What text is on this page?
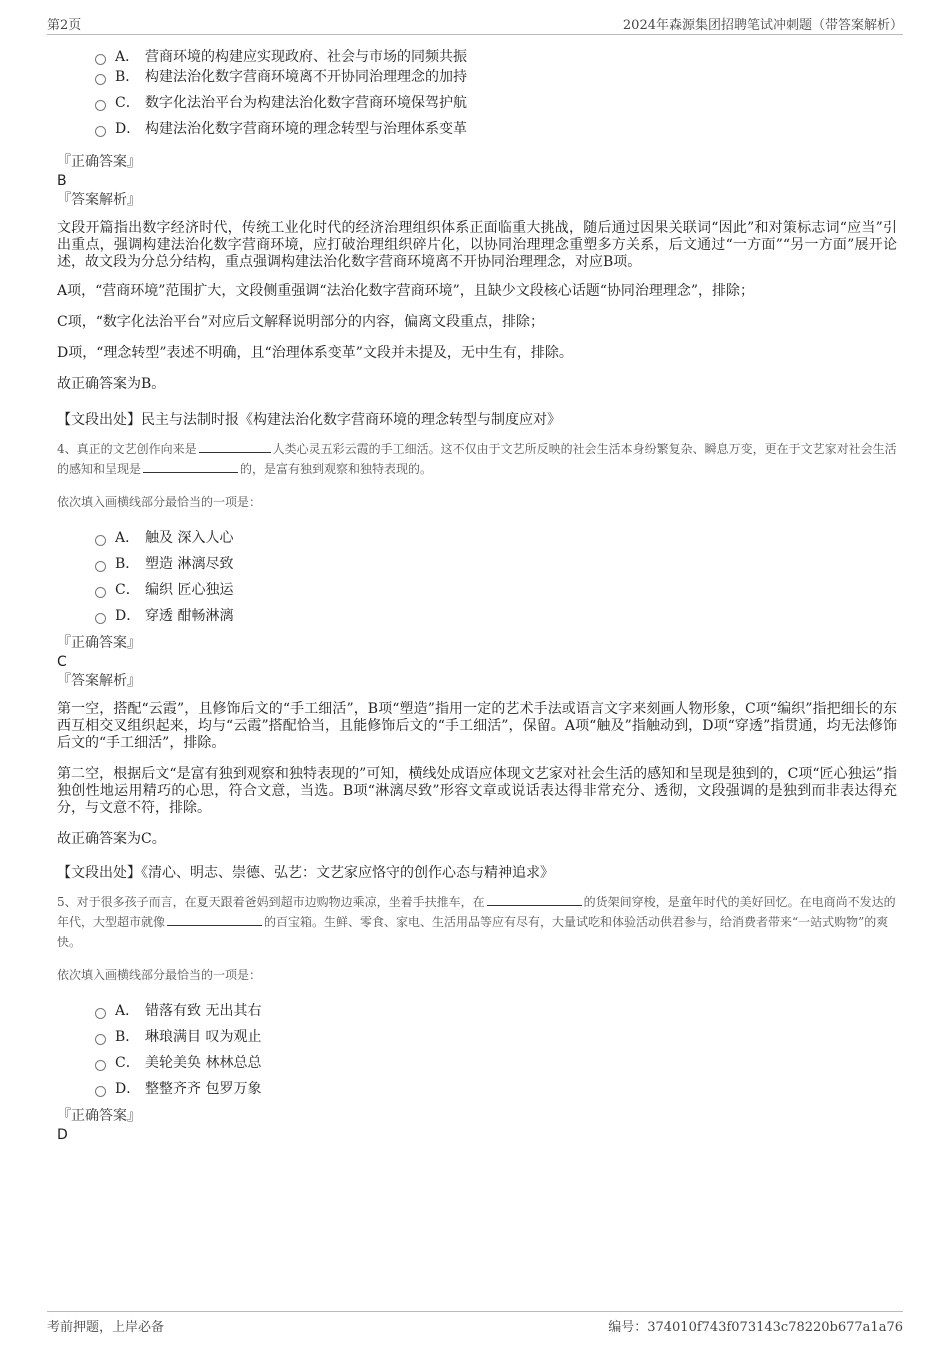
第2页	2024年森源集团招聘笔试冲刺题（带答案解析）
A． 营商环境的构建应实现政府、社会与市场的同频共振
B． 构建法治化数字营商环境离不开协同治理理念的加持
C． 数字化法治平台为构建法治化数字营商环境保驾护航
D． 构建法治化数字营商环境的理念转型与治理体系变革
『正确答案』
B
『答案解析』

文段开篇指出数字经济时代，传统工业化时代的经济治理组织体系正面临重大挑战，随后通过因果关联词“因此”和对策标志词“应当”引出重点，强调构建法治化数字营商环境，应打破治理组织碎片化，以协同治理理念重塑多方关系，后文通过“一方面”“另一方面”展开论述，故文段为分总分结构，重点强调构建法治化数字营商环境离不开协同治理理念，对应B项。

A项，“营商环境”范围扩大，文段侧重强调“法治化数字营商环境”，且缺少文段核心话题“协同治理理念”，排除；

C项，“数字化法治平台”对应后文解释说明部分的内容，偏离文段重点，排除；

D项，“理念转型”表述不明确，且“治理体系变革”文段并未提及，无中生有，排除。

故正确答案为B。

【文段出处】民主与法制时报《构建法治化数字营商环境的理念转型与制度应对》

4、真正的文艺创作向来是	人类心灵五彩云霞的手工细活。这不仅由于文艺所反映的社会生活本身纷繁复杂、瞬息万变，更在于文艺家对社会生活的感知和呈现是	的，是富有独到观察和独特表现的。

依次填入画横线部分最恰当的一项是：
A． 触及 深入人心
B． 塑造 淋漓尽致
C． 编织 匠心独运
D． 穿透 酣畅淋漓
『正确答案』
C
『答案解析』

第一空，搭配“云霞”，且修饰后文的“手工细活”，B项“塑造”指用一定的艺术手法或语言文字来刻画人物形象，C项“编织”指把细长的东西互相交叉组织起来，均与“云霞”搭配恰当，且能修饰后文的“手工细活”，保留。A项“触及”指触动到，D项“穿透”指贯通，均无法修饰后文的“手工细活”，排除。

第二空，根据后文“是富有独到观察和独特表现的”可知，横线处成语应体现文艺家对社会生活的感知和呈现是独到的，C项“匠心独运”指独创性地运用精巧的心思，符合文意，当选。B项“淋漓尽致”形容文章或说话表达得非常充分、透彻，文段强调的是独到而非表达得充分，与文意不符，排除。

故正确答案为C。

【文段出处】《清心、明志、崇德、弘艺：文艺家应恪守的创作心态与精神追求》

5、对于很多孩子而言，在夏天跟着爸妈到超市边购物边乘凉，坐着手扶推车，在	的货架间穿梭，是童年时代的美好回忆。在电商尚不发达的年代，大型超市就像	的百宝箱。生鲜、零食、家电、生活用品等应有尽有，大量试吃和体验活动供君参与，给消费者带来“一站式购物”的爽快。

依次填入画横线部分最恰当的一项是：
A． 错落有致 无出其右
B． 琳琅满目 叹为观止
C． 美轮美奂 林林总总
D． 整整齐齐 包罗万象
『正确答案』
D
考前押题，上岸必备	编号：374010f743f073143c78220b677a1a76
